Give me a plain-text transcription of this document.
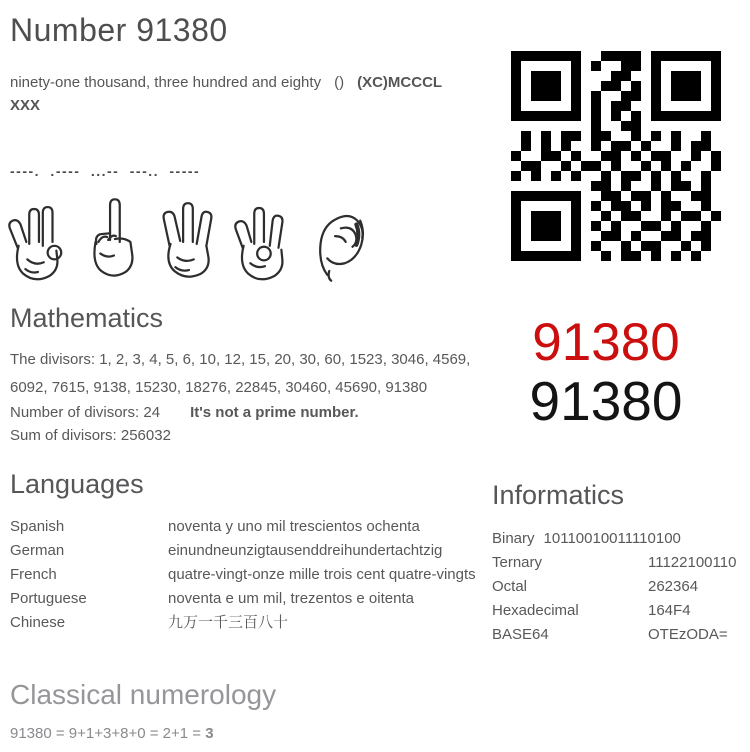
Number 91380

ninety-one thousand, three hundred and eighty () (XC)MCCCL
XXX

----. .---- ...-- ---.. -----
Mathematics

The divisors: 1, 2, 3, 4, 5, 6, 10, 12, 15, 20, 30, 60, 1523, 3046, 4569, 6092, 7615, 9138, 15230, 18276, 22845, 30460, 45690, 91380

Number of divisors: 24 It's not a prime number.

Sum of divisors: 256032

91380
91380
Languages
Spanish	noventa y uno mil trescientos ochenta
German	einundneunzigtausenddreihundertachtzig
French	quatre-vingt-onze mille trois cent quatre-vingts
Portuguese	noventa e um mil, trezentos e oitenta
Chinese	九万一千三百八十
Informatics
Binary 10110010011110100
Ternary	11122100110
Octal	262364
Hexadecimal	164F4
BASE64	OTEzODA=
Classical numerology

91380 = 9+1+3+8+0 = 2+1 = 3
